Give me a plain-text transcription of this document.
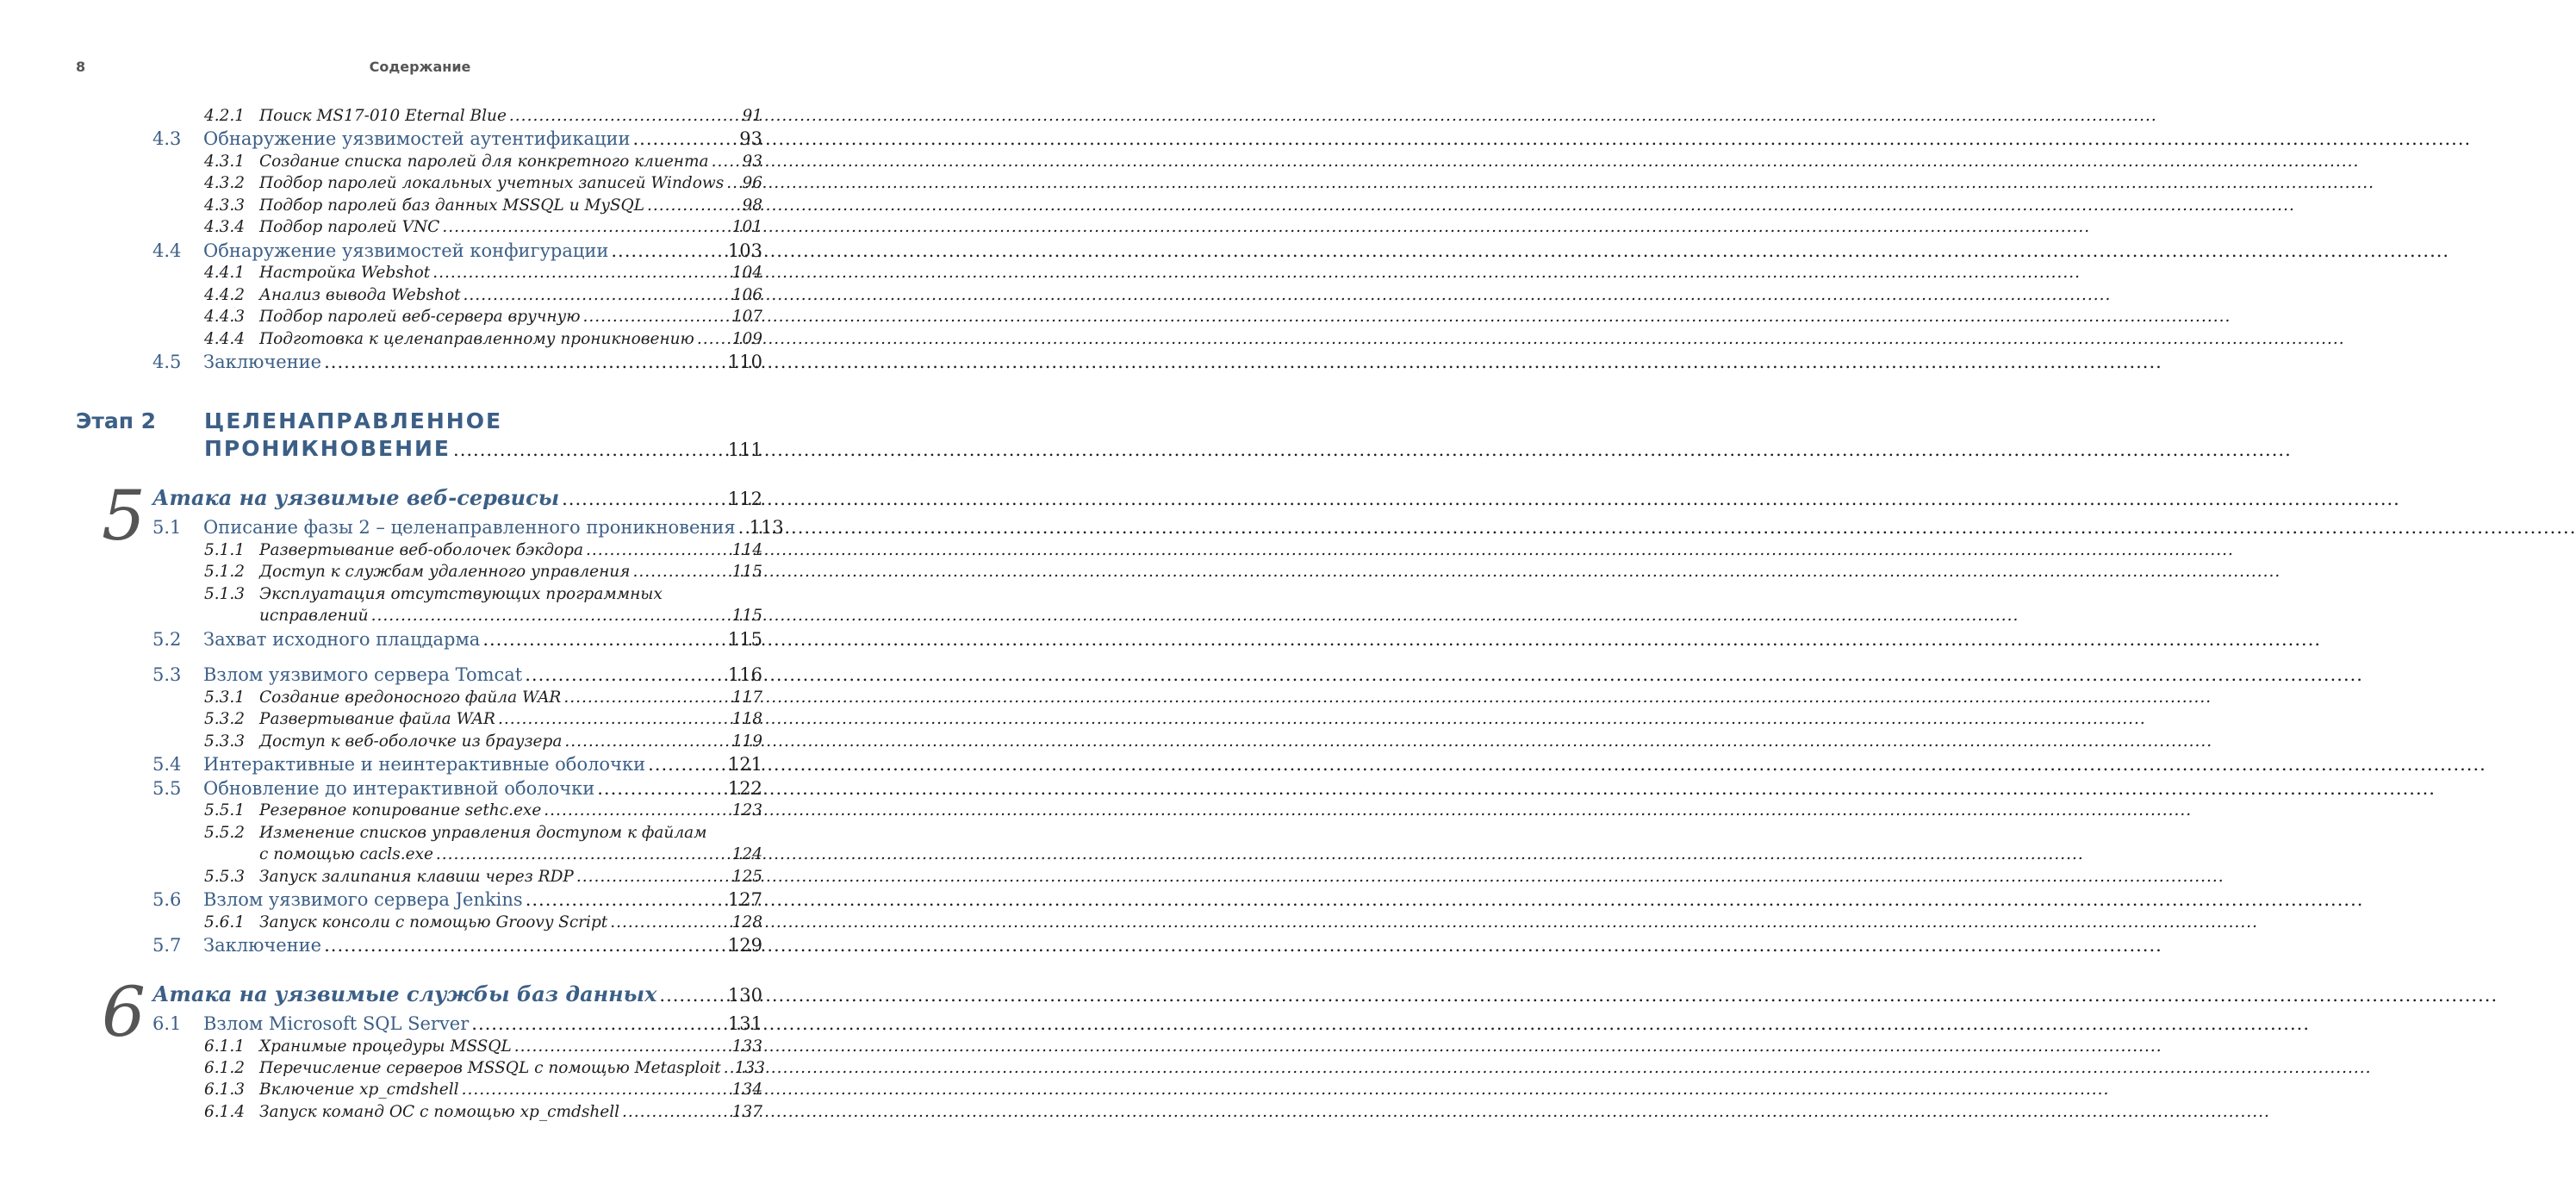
8	Содержание
4.2.1 Поиск MS17-010 Eternal Blue .....	91
4.3	Обнаружение уязвимостей аутентификации .....	93
4.3.1 Создание списка паролей для конкретного клиента ..... 93
4.3.2 Подбор паролей локальных учетных записей Windows ..... 96
4.3.3 Подбор паролей баз данных MSSQL и MySQL .....	98
4.3.4 Подбор паролей VNC .....	101
4.4	Обнаружение уязвимостей конфигурации .....	103
4.4.1 Настройка Webshot .....	104
4.4.2 Анализ вывода Webshot .....	106
4.4.3 Подбор паролей веб-сервера вручную .....	107
4.4.4 Подготовка к целенаправленному проникновению ..... 109
4.5	Заключение .....	110
Этап 2 ЦЕЛЕНАПРАВЛЕННОЕ
ПРОНИКНОВЕНИЕ .....	111
5 Атака на уязвимые веб-сервисы .....	112
5.1	Описание фазы 2 – целенаправленного проникновения ..... 113
5.1.1 Развертывание веб-оболочек бэкдора .....	114
5.1.2 Доступ к службам удаленного управления .....	115
5.1.3 Эксплуатация отсутствующих программных
исправлений .....	115
5.2	Захват исходного плацдарма .....	115
5.3	Взлом уязвимого сервера Tomcat .....	116
5.3.1 Создание вредоносного файла WAR .....	117
5.3.2 Развертывание файла WAR .....	118
5.3.3 Доступ к веб-оболочке из браузера .....	119
5.4	Интерактивные и неинтерактивные оболочки .....	121
5.5	Обновление до интерактивной оболочки .....	122
5.5.1 Резервное копирование sethc.exe .....	123
5.5.2 Изменение списков управления доступом к файлам
с помощью cacls.exe .....	124
5.5.3 Запуск залипания клавиш через RDP .....	125
5.6	Взлом уязвимого сервера Jenkins .....	127
5.6.1 Запуск консоли с помощью Groovy Script .....	128
5.7	Заключение .....	129
6 Атака на уязвимые службы баз данных .....	130
6.1	Взлом Microsoft SQL Server .....	131
6.1.1 Хранимые процедуры MSSQL .....	133
6.1.2 Перечисление серверов MSSQL с помощью Metasploit ..... 133
6.1.3 Включение xp_cmdshell .....	134
6.1.4 Запуск команд ОС с помощью xp_cmdshell .....	137
